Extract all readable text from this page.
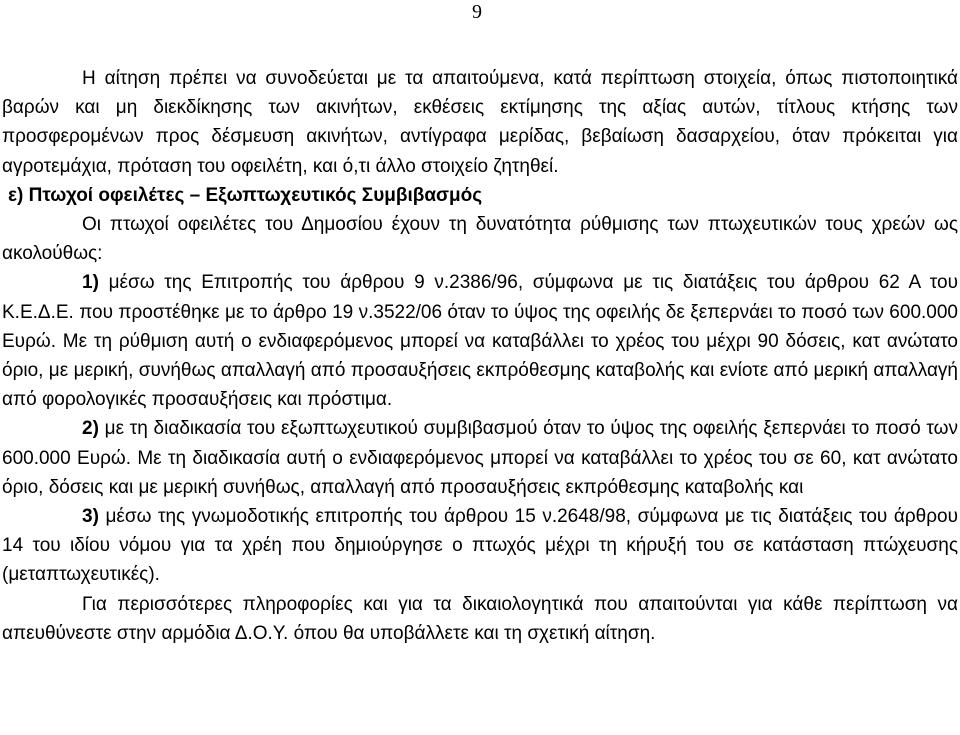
9

Η αίτηση πρέπει να συνοδεύεται με τα απαιτούμενα, κατά περίπτωση στοιχεία, όπως πιστοποιητικά βαρών και μη διεκδίκησης των ακινήτων, εκθέσεις εκτίμησης της αξίας αυτών, τίτλους κτήσης των προσφερομένων προς δέσμευση ακινήτων, αντίγραφα μερίδας, βεβαίωση δασαρχείου, όταν πρόκειται για αγροτεμάχια, πρόταση του οφειλέτη, και ό,τι άλλο στοιχείο ζητηθεί.

ε) Πτωχοί οφειλέτες – Εξωπτωχευτικός Συμβιβασμός

Οι πτωχοί οφειλέτες του Δημοσίου έχουν τη δυνατότητα ρύθμισης των πτωχευτικών τους χρεών ως ακολούθως:

1) μέσω της Επιτροπής του άρθρου 9 ν.2386/96, σύμφωνα με τις διατάξεις του άρθρου 62 Α του Κ.Ε.Δ.Ε. που προστέθηκε με το άρθρο 19 ν.3522/06 όταν το ύψος της οφειλής δε ξεπερνάει το ποσό των 600.000 Ευρώ. Με τη ρύθμιση αυτή ο ενδιαφερόμενος μπορεί να καταβάλλει το χρέος του μέχρι 90 δόσεις, κατ ανώτατο όριο, με μερική, συνήθως απαλλαγή από προσαυξήσεις εκπρόθεσμης καταβολής και ενίοτε από μερική απαλλαγή από φορολογικές προσαυξήσεις και πρόστιμα.

2) με τη διαδικασία του εξωπτωχευτικού συμβιβασμού όταν το ύψος της οφειλής ξεπερνάει το ποσό των 600.000 Ευρώ. Με τη διαδικασία αυτή ο ενδιαφερόμενος μπορεί να καταβάλλει το χρέος του σε 60, κατ ανώτατο όριο, δόσεις και με μερική συνήθως, απαλλαγή από προσαυξήσεις εκπρόθεσμης καταβολής και

3) μέσω της γνωμοδοτικής επιτροπής του άρθρου 15 ν.2648/98, σύμφωνα με τις διατάξεις του άρθρου 14 του ιδίου νόμου για τα χρέη που δημιούργησε ο πτωχός μέχρι τη κήρυξή του σε κατάσταση πτώχευσης (μεταπτωχευτικές).

Για περισσότερες πληροφορίες και για τα δικαιολογητικά που απαιτούνται για κάθε περίπτωση να απευθύνεστε στην αρμόδια Δ.Ο.Υ. όπου θα υποβάλλετε και τη σχετική αίτηση.
